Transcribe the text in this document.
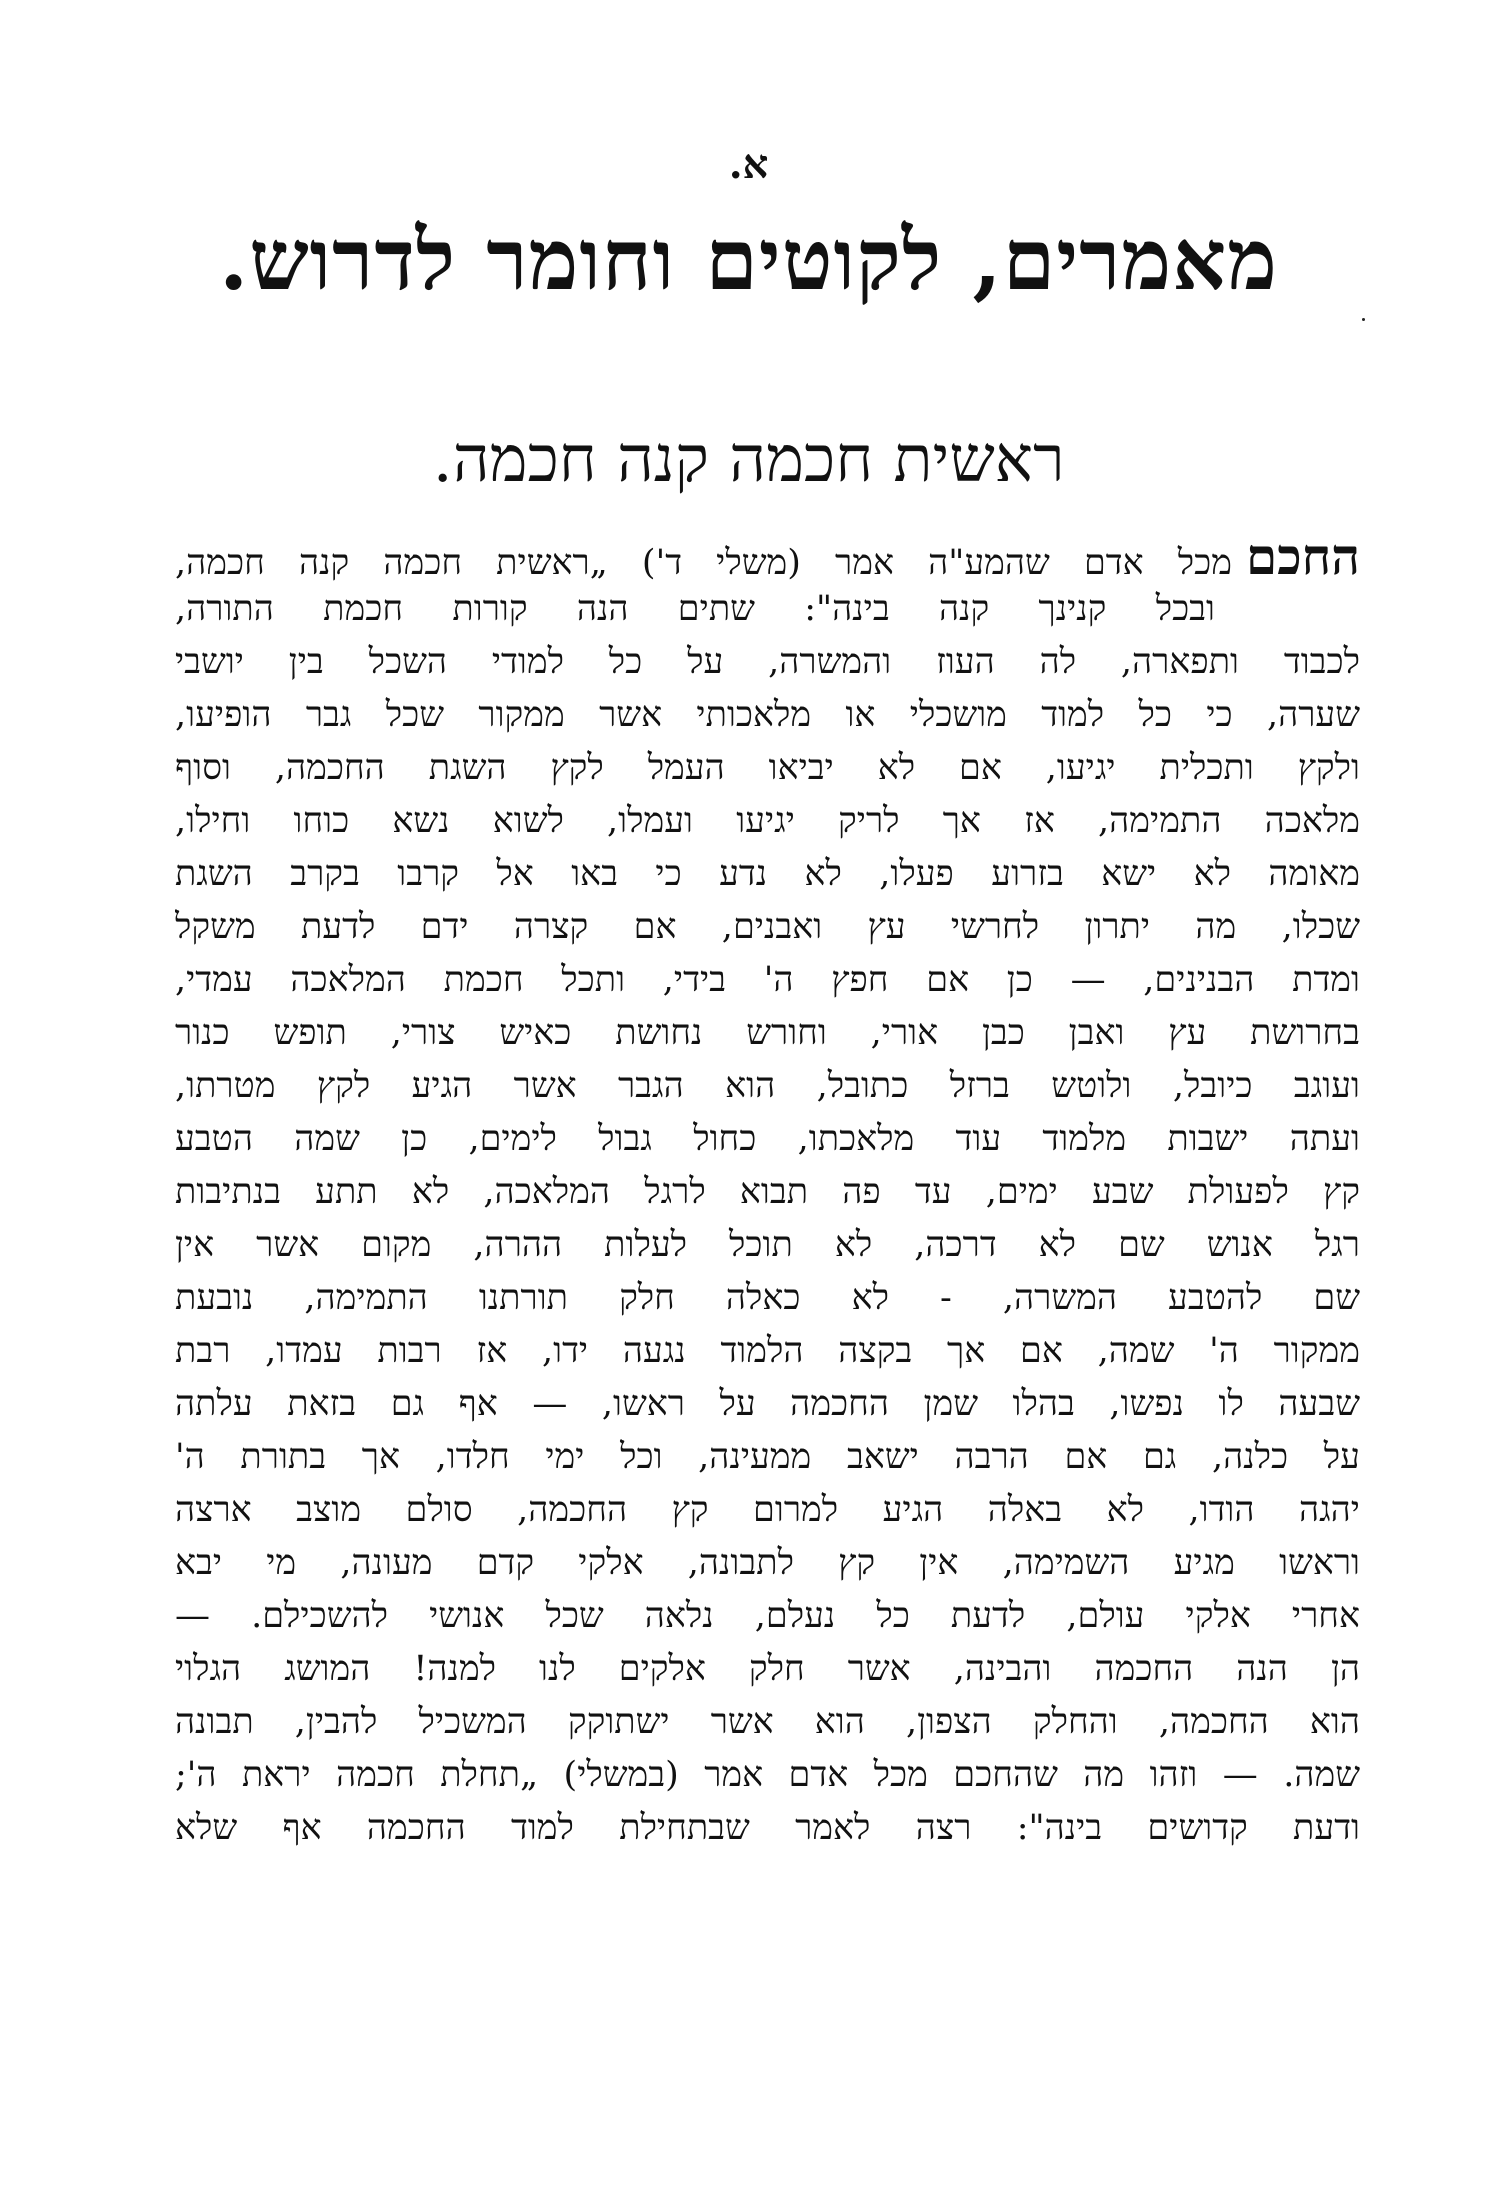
א.
מאמרים, לקוטים וחומר לדרוש.
ראשית חכמה קנה חכמה.
החכםמכל אדם שהמע"ה אמר (משלי ד') „ראשית חכמה קנה חכמה,
ובכל קנינך קנה בינה": שתים הנה קורות חכמת התורה,
לכבוד ותפארה, לה העוז והמשרה, על כל למודי השכל בין יושבי
שערה, כי כל למוד מושכלי או מלאכותי אשר ממקור שכל גבר הופיעו,
ולקץ ותכלית יגיעו, אם לא יביאו העמל לקץ השגת החכמה, וסוף
מלאכה התמימה, אז אך לריק יגיעו ועמלו, לשוא נשא כוחו וחילו,
מאומה לא ישא בזרוע פעלו, לא נדע כי באו אל קרבו בקרב השגת
שכלו, מה יתרון לחרשי עץ ואבנים, אם קצרה ידם לדעת משקל
ומדת הבנינים, — כן אם חפץ ה' בידי, ותכל חכמת המלאכה עמדי,
בחרושת עץ ואבן כבן אורי, וחורש נחושת כאיש צורי, תופש כנור
ועוגב כיובל, ולוטש ברזל כתובל, הוא הגבר אשר הגיע לקץ מטרתו,
ועתה ישבות מלמוד עוד מלאכתו, כחול גבול לימים, כן שמה הטבע
קץ לפעולת שבע ימים, עד פה תבוא לרגל המלאכה, לא תתע בנתיבות
רגל אנוש שם לא דרכה, לא תוכל לעלות ההרה, מקום אשר אין
שם להטבע המשרה, - לא כאלה חלק תורתנו התמימה, נובעת
ממקור ה' שמה, אם אך בקצה הלמוד נגעה ידו, אז רבות עמדו, רבת
שבעה לו נפשו, בהלו שמן החכמה על ראשו, — אף גם בזאת עלתה
על כלנה, גם אם הרבה ישאב ממעינה, וכל ימי חלדו, אך בתורת ה'
יהגה הודו, לא באלה הגיע למרום קץ החכמה, סולם מוצב ארצה
וראשו מגיע השמימה, אין קץ לתבונה, אלקי קדם מעונה, מי יבא
אחרי אלקי עולם, לדעת כל נעלם, נלאה שכל אנושי להשכילם. —
הן הנה החכמה והבינה, אשר חלק אלקים לנו למנה! המושג הגלוי
הוא החכמה, והחלק הצפון, הוא אשר ישתוקק המשכיל להבין, תבונה
שמה. — וזהו מה שהחכם מכל אדם אמר (במשלי) „תחלת חכמה יראת ה';
ודעת קדושים בינה": רצה לאמר שבתחילת למוד החכמה אף שלא
